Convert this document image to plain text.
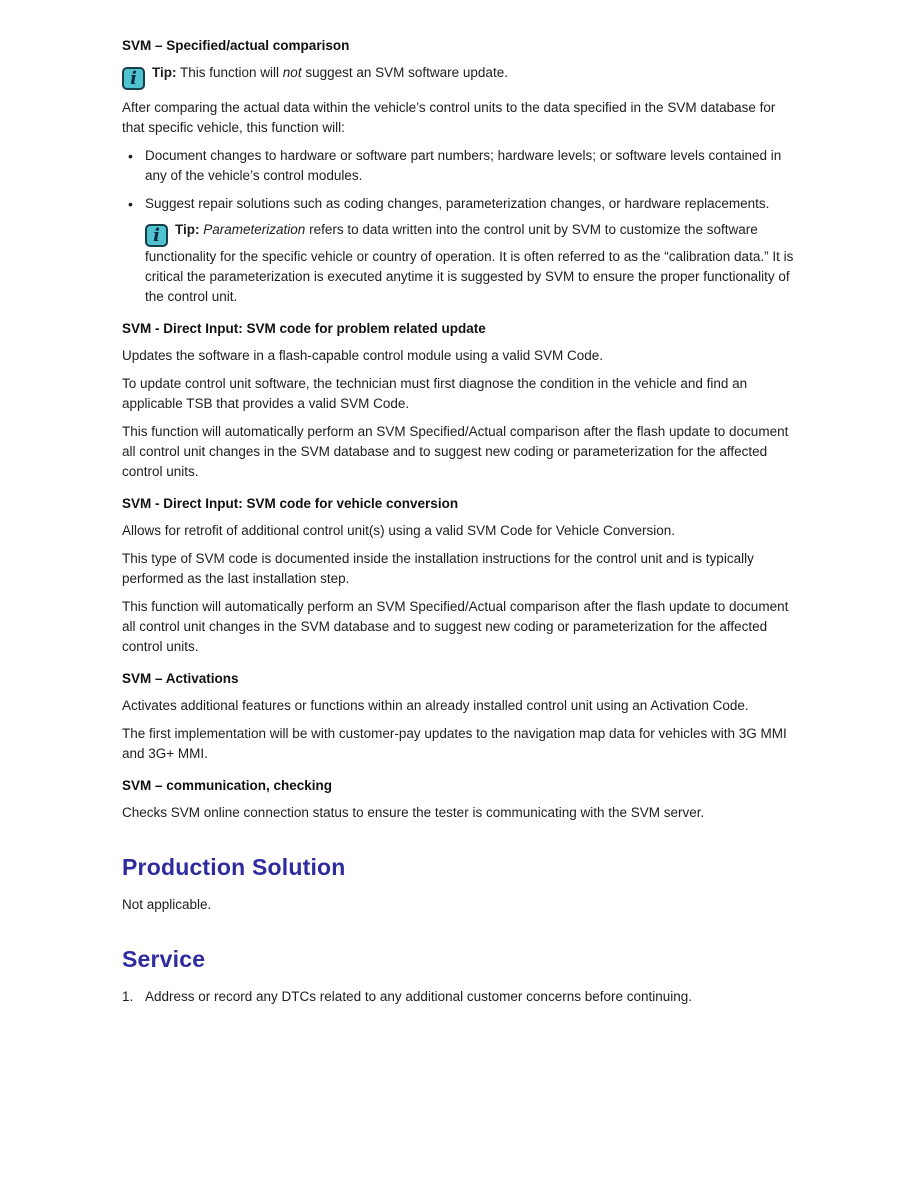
SVM – Specified/actual comparison
i Tip: This function will not suggest an SVM software update.

After comparing the actual data within the vehicle’s control units to the data specified in the SVM database for that specific vehicle, this function will:

• Document changes to hardware or software part numbers; hardware levels; or software levels contained in any of the vehicle’s control modules.
• Suggest repair solutions such as coding changes, parameterization changes, or hardware replacements.
i Tip: Parameterization refers to data written into the control unit by SVM to customize the software functionality for the specific vehicle or country of operation. It is often referred to as the “calibration data.” It is critical the parameterization is executed anytime it is suggested by SVM to ensure the proper functionality of the control unit.
SVM - Direct Input: SVM code for problem related update

Updates the software in a flash-capable control module using a valid SVM Code.

To update control unit software, the technician must first diagnose the condition in the vehicle and find an applicable TSB that provides a valid SVM Code.

This function will automatically perform an SVM Specified/Actual comparison after the flash update to document all control unit changes in the SVM database and to suggest new coding or parameterization for the affected control units.

SVM - Direct Input: SVM code for vehicle conversion

Allows for retrofit of additional control unit(s) using a valid SVM Code for Vehicle Conversion.

This type of SVM code is documented inside the installation instructions for the control unit and is typically performed as the last installation step.

This function will automatically perform an SVM Specified/Actual comparison after the flash update to document all control unit changes in the SVM database and to suggest new coding or parameterization for the affected control units.

SVM – Activations

Activates additional features or functions within an already installed control unit using an Activation Code.

The first implementation will be with customer-pay updates to the navigation map data for vehicles with 3G MMI and 3G+ MMI.

SVM – communication, checking

Checks SVM online connection status to ensure the tester is communicating with the SVM server.

Production Solution

Not applicable.

Service
1. Address or record any DTCs related to any additional customer concerns before continuing.
